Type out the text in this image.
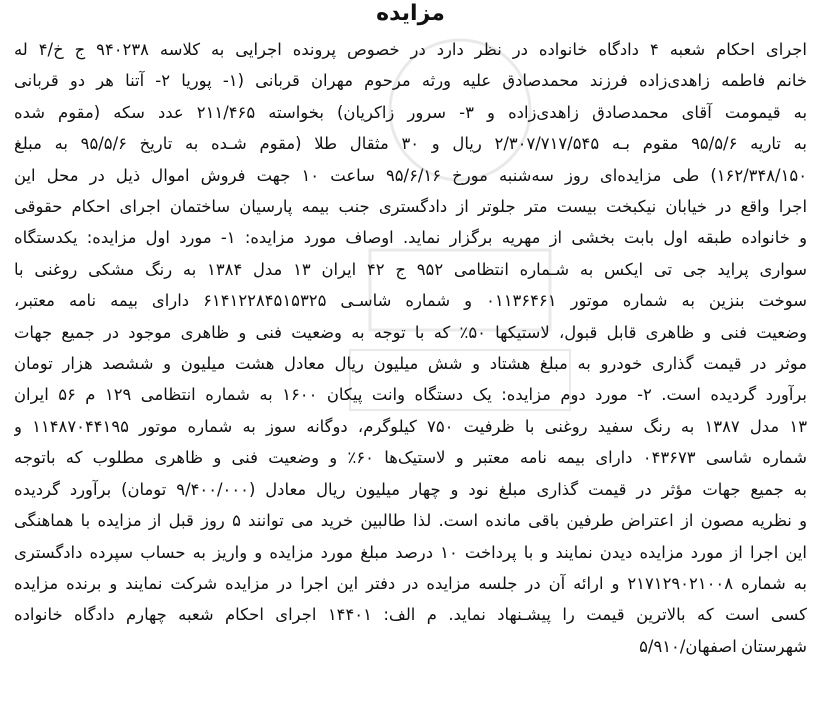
مزایده
اجرای احکام شعبه ۴ دادگاه خانواده در نظر دارد در خصوص پرونده اجرایی به کلاسه ۹۴۰۲۳۸ ج خ/۴ له
خانم فاطمه زاهدی‌زاده فرزند محمدصادق علیه ورثه مرحوم مهران قربانی (۱- پوریا ۲- آتنا هر دو قربانی
به قیمومت آقای محمدصادق زاهدی‌زاده و ۳- سرور زاکریان) بخواسته ۲۱۱/۴۶۵ عدد سکه (مقوم شده
به تاریه ۹۵/۵/۶ مقوم بـه ۲/۳۰۷/۷۱۷/۵۴۵ ریال و ۳۰ مثقال طلا (مقوم شـده به تاریخ ۹۵/۵/۶ به مبلغ
۱۶۲/۳۴۸/۱۵۰) طی مزایده‌ای روز سه‌شنبه مورخ ۹۵/۶/۱۶ ساعت ۱۰ جهت فروش اموال ذیل در محل این
اجرا واقع در خیابان نیکبخت بیست متر جلوتر از دادگستری جنب بیمه پارسیان ساختمان اجرای احکام حقوقی
و خانواده طبقه اول بابت بخشی از مهریه برگزار نماید. اوصاف مورد مزایده: ۱- مورد اول مزایده: یکدستگاه
سواری پراید جی تی ایکس به شـماره انتظامی ۹۵۲ ج ۴۲ ایران ۱۳ مدل ۱۳۸۴ به رنگ مشکی روغنی با
سوخت بنزین به شماره موتور ۰۱۱۳۶۴۶۱ و شماره شاسـی ۶۱۴۱۲۲۸۴۵۱۵۳۲۵ دارای بیمه نامه معتبر،
وضعیت فنی و ظاهری قابل قبول، لاستیکها ۵۰٪ که با توجه به وضعیت فنی و ظاهری موجود در جمیع جهات
موثر در قیمت گذاری خودرو به مبلغ هشتاد و شش میلیون ریال معادل هشت میلیون و ششصد هزار تومان
برآورد گردیده است. ۲- مورد دوم مزایده: یک دستگاه وانت پیکان ۱۶۰۰ به شماره انتظامی ۱۲۹ م ۵۶ ایران
۱۳ مدل ۱۳۸۷ به رنگ سفید روغنی با ظرفیت ۷۵۰ کیلوگرم، دوگانه سوز به شماره موتور ۱۱۴۸۷۰۴۴۱۹۵ و
شماره شاسی ۰۴۳۶۷۳ دارای بیمه نامه معتبر و لاستیک‌ها ۶۰٪ و وضعیت فنی و ظاهری مطلوب که باتوجه
به جمیع جهات مؤثر در قیمت گذاری مبلغ نود و چهار میلیون ریال معادل (۹/۴۰۰/۰۰۰ تومان) برآورد گردیده
و نظریه مصون از اعتراض طرفین باقی مانده است. لذا طالبین خرید می توانند ۵ روز قبل از مزایده با هماهنگی
این اجرا از مورد مزایده دیدن نمایند و با پرداخت ۱۰ درصد مبلغ مورد مزایده و واریز به حساب سپرده دادگستری
به شماره ۲۱۷۱۲۹۰۲۱۰۰۸ و ارائه آن در جلسه مزایده در دفتر این اجرا در مزایده شرکت نمایند و برنده مزایده
کسی است که بالاترین قیمت را پیشـنهاد نماید. م الف: ۱۴۴۰۱ اجرای احکام شعبه چهارم دادگاه خانواده
شهرستان اصفهان/۵/۹۱۰
